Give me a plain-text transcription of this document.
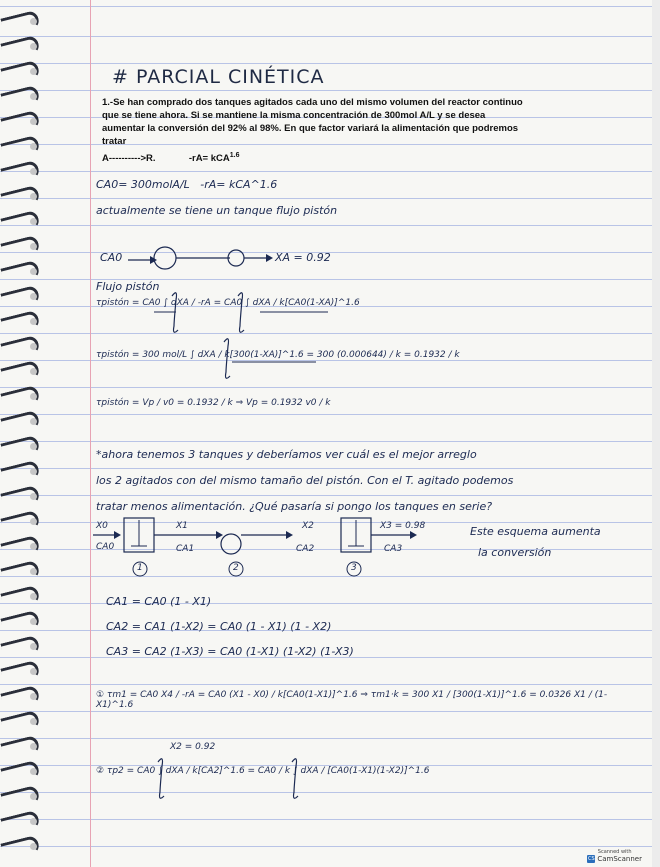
# PARCIAL CINÉTICA
1.-Se han comprado dos tanques agitados cada uno del mismo volumen del reactor continuo que se tiene ahora. Si se mantiene la misma concentración de 300mol A/L y se desea aumentar la conversión del 92% al 98%. En que factor variará la alimentación que podremos tratar
A---------->R.	-rA= kCA$^{1.6}$
CA0= 300molA/L   -rA= kCA^1.6
actualmente se tiene un tanque flujo pistón
CA0	XA = 0.92
Flujo pistón
τpistón = CA0 ∫ dXA / -rA = CA0 ∫ dXA / k[CA0(1-XA)]^1.6
τpistón = 300 mol/L ∫ dXA / k[300(1-XA)]^1.6 = 300 (0.000644) / k = 0.1932 / k
τpistón = Vp / v0 = 0.1932 / k ⇒ Vp = 0.1932 v0 / k
*ahora tenemos 3 tanques y deberíamos ver cuál es el mejor arreglo
los 2 agitados con del mismo tamaño del pistón. Con el T. agitado podemos
tratar menos alimentación. ¿Qué pasaría si pongo los tanques en serie?
X0
CA0
X1
CA1
X2
CA2
X3 = 0.98
CA3
1	2	3
Este esquema aumenta
la conversión
CA1 = CA0 (1 - X1)
CA2 = CA1 (1-X2) = CA0 (1 - X1) (1 - X2)
CA3 = CA2 (1-X3) = CA0 (1-X1) (1-X2) (1-X3)
① τm1 = CA0 X4 / -rA = CA0 (X1 - X0) / k[CA0(1-X1)]^1.6 ⇒ τm1·k = 300 X1 / [300(1-X1)]^1.6 = 0.0326 X1 / (1-X1)^1.6
X2 = 0.92
② τp2 = CA0 ∫ dXA / k[CA2]^1.6 = CA0 / k ∫ dXA / [CA0(1-X1)(1-X2)]^1.6
Scanned with
CS CamScanner
